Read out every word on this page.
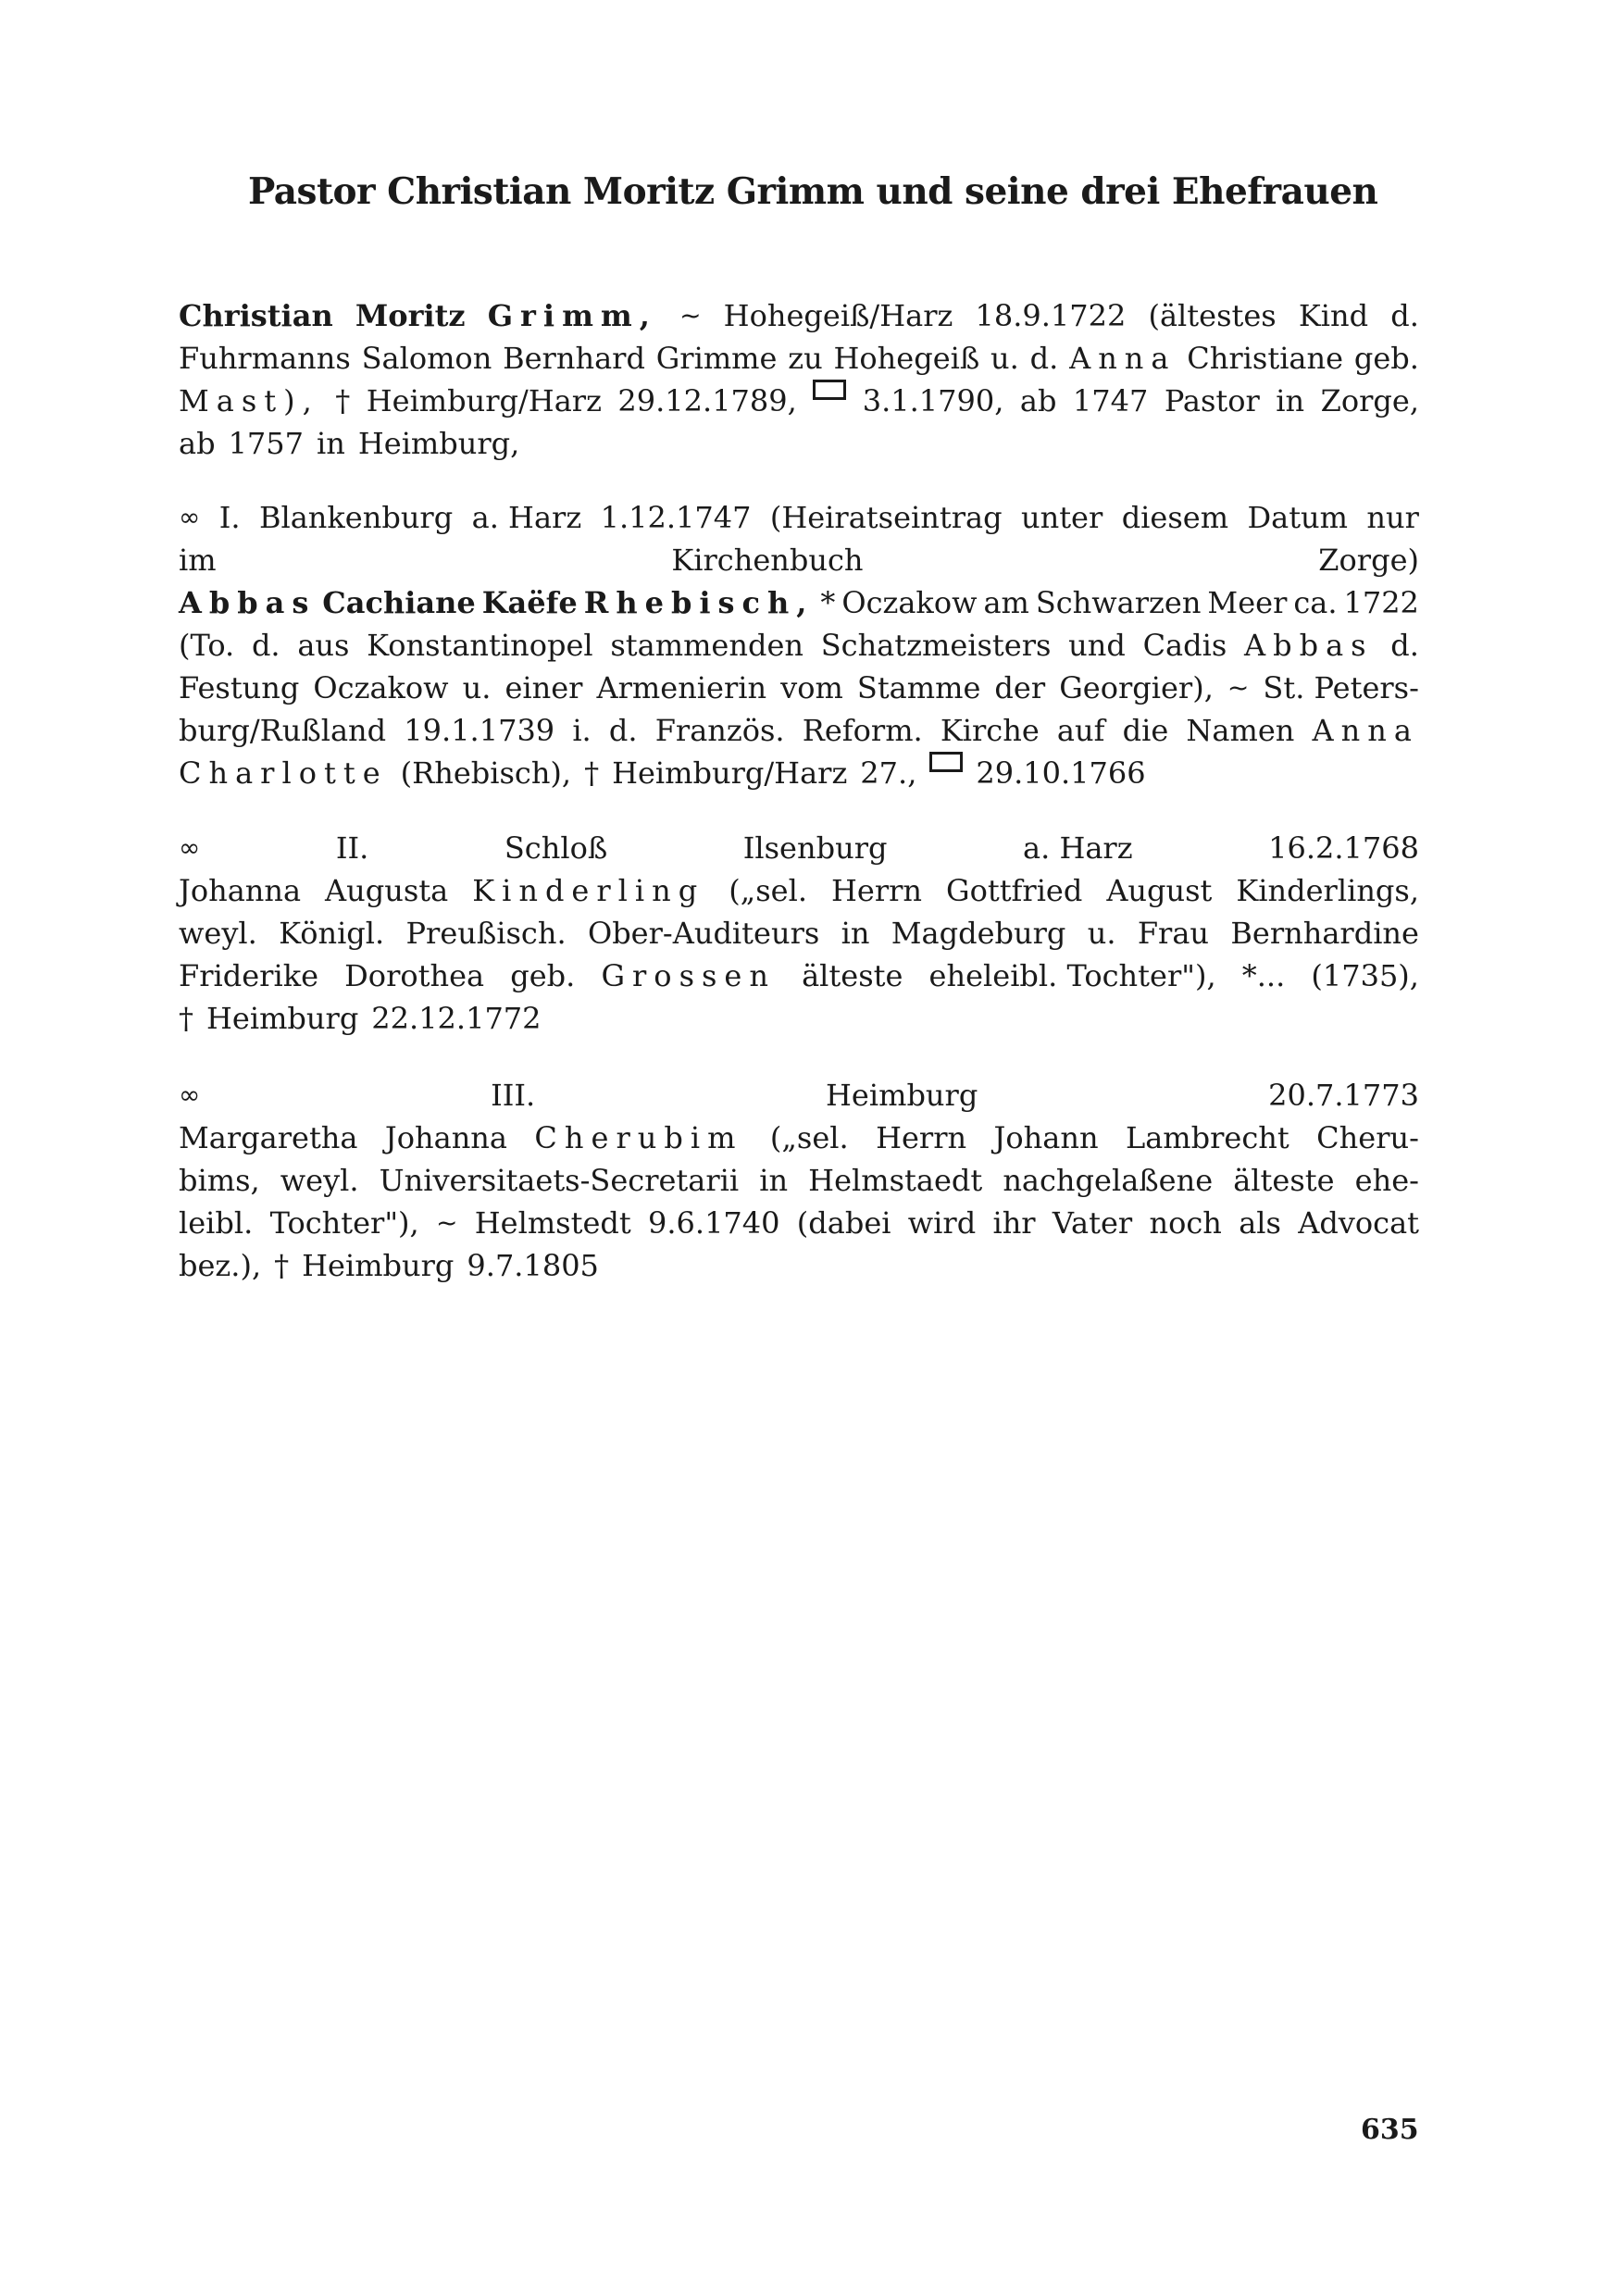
Pastor Christian Moritz Grimm und seine drei Ehefrauen
Christian Moritz Grimm, ~ Hohegeiß/Harz 18.9.1722 (ältestes Kind d.
Fuhrmanns Salomon Bernhard Grimme zu Hohegeiß u. d. Anna Christiane geb.
Mast), † Heimburg/Harz 29.12.1789, 3.1.1790, ab 1747 Pastor in Zorge,
ab 1757 in Heimburg,
∞ I. Blankenburg a. Harz 1.12.1747 (Heiratseintrag unter diesem Datum nur
im	Kirchenbuch	Zorge)
Abbas Cachiane Kaëfe Rhebisch, * Oczakow am Schwarzen Meer ca. 1722
(To. d. aus Konstantinopel stammenden Schatzmeisters und Cadis Abbas d.
Festung Oczakow u. einer Armenierin vom Stamme der Georgier), ~ St. Peters-
burg/Rußland 19.1.1739 i. d. Französ. Reform. Kirche auf die Namen Anna
Charlotte (Rhebisch), † Heimburg/Harz 27., 29.10.1766
∞	II.	Schloß	Ilsenburg	a. Harz	16.2.1768
Johanna Augusta Kinderling („sel. Herrn Gottfried August Kinderlings,
weyl. Königl. Preußisch. Ober-Auditeurs in Magdeburg u. Frau Bernhardine
Friderike Dorothea geb. Grossen älteste eheleibl. Tochter"), *... (1735),
† Heimburg 22.12.1772
∞	III.	Heimburg	20.7.1773
Margaretha Johanna Cherubim („sel. Herrn Johann Lambrecht Cheru-
bims, weyl. Universitaets-Secretarii in Helmstaedt nachgelaßene älteste ehe-
leibl. Tochter"), ~ Helmstedt 9.6.1740 (dabei wird ihr Vater noch als Advocat
bez.), † Heimburg 9.7.1805
635
